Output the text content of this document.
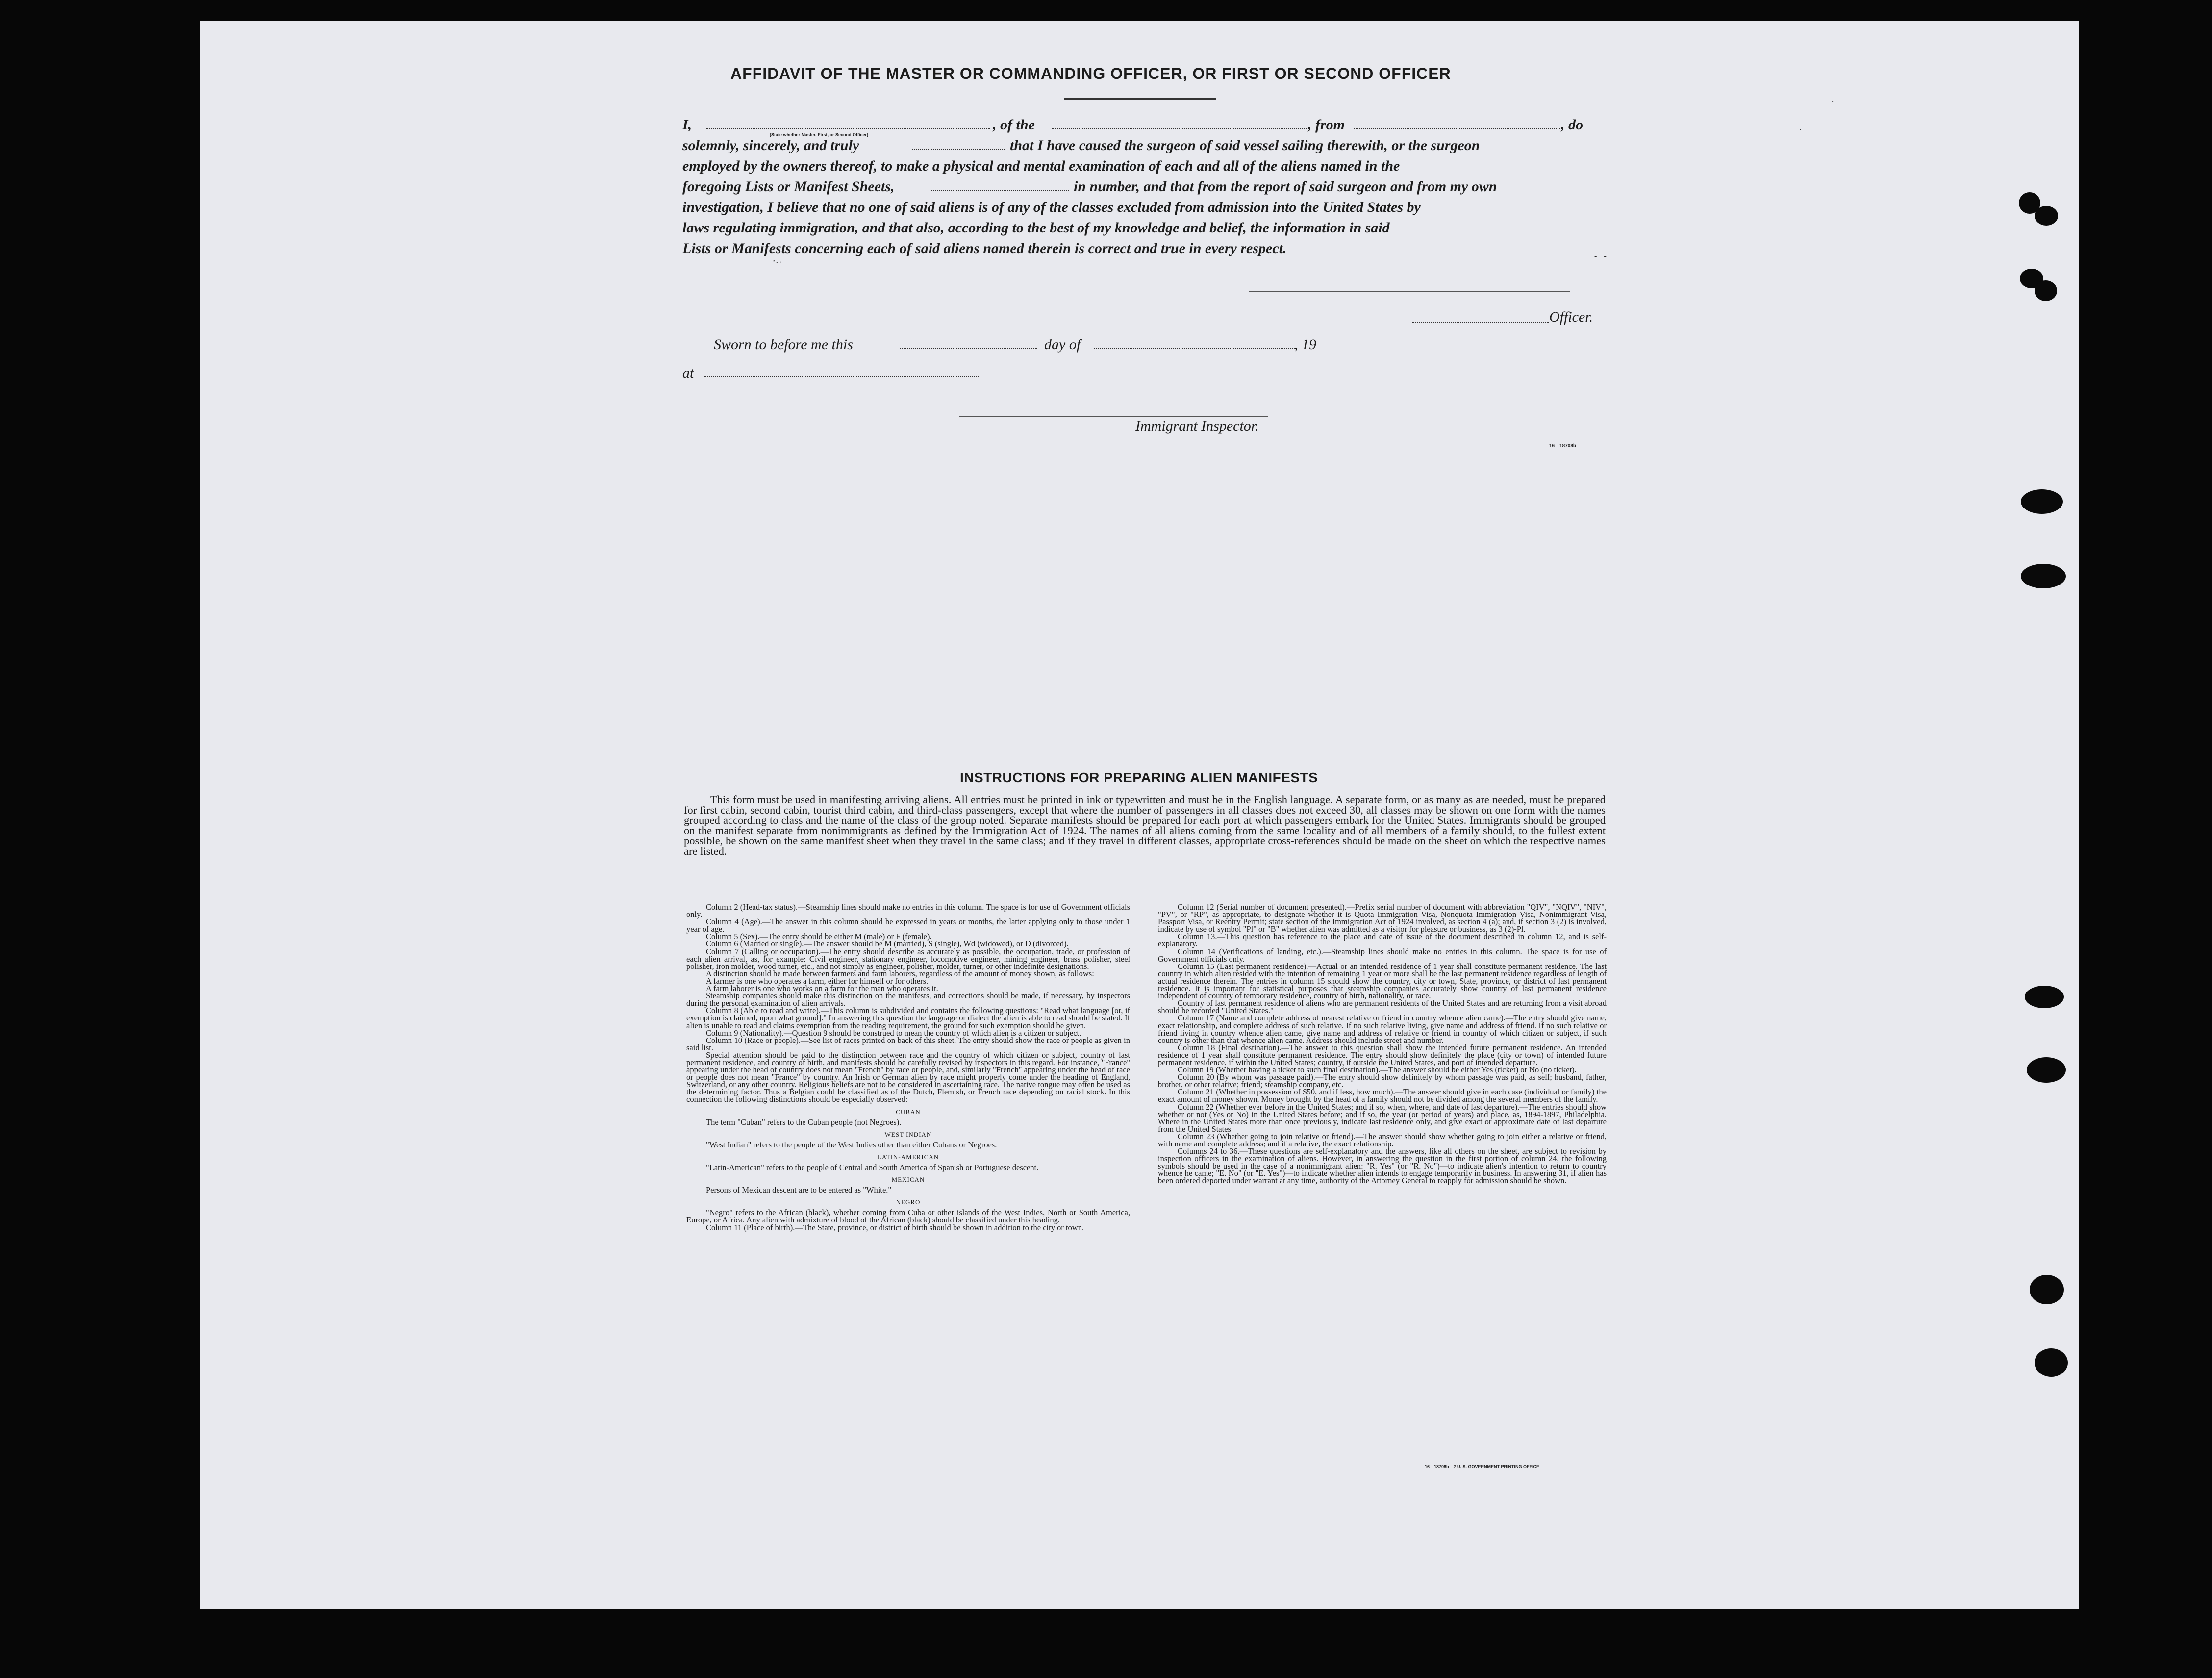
AFFIDAVIT OF THE MASTER OR COMMANDING OFFICER, OR FIRST OR SECOND OFFICER
I,
(State whether Master, First, or Second Officer)
, of the	, from	, do
solemnly, sincerely, and truly	that I have caused the surgeon of said vessel sailing therewith, or the surgeon
employed by the owners thereof, to make a physical and mental examination of each and all of the aliens named in the
foregoing Lists or Manifest Sheets,	in number, and that from the report of said surgeon and from my own
investigation, I believe that no one of said aliens is of any of the classes excluded from admission into the United States by
laws regulating immigration, and that also, according to the best of my knowledge and belief, the information in said
Lists or Manifests concerning each of said aliens named therein is correct and true in every respect.
Officer.
Sworn to before me this	day of	, 19
at
Immigrant Inspector.
16—18708b
ʼ~ˑ
- ᐨ -
ˋ
ˑ
INSTRUCTIONS FOR PREPARING ALIEN MANIFESTS

This form must be used in manifesting arriving aliens. All entries must be printed in ink or typewritten and must be in the English language. A separate form, or as many as are needed, must be prepared for first cabin, second cabin, tourist third cabin, and third-class passengers, except that where the number of passengers in all classes does not exceed 30, all classes may be shown on one form with the names grouped according to class and the name of the class of the group noted. Separate manifests should be prepared for each port at which passengers embark for the United States. Immigrants should be grouped on the manifest separate from nonimmigrants as defined by the Immigration Act of 1924. The names of all aliens coming from the same locality and of all members of a family should, to the fullest extent possible, be shown on the same manifest sheet when they travel in the same class; and if they travel in different classes, appropriate cross-references should be made on the sheet on which the respective names are listed.

Column 2 (Head-tax status).—Steamship lines should make no entries in this column. The space is for use of Government officials only.

Column 4 (Age).—The answer in this column should be expressed in years or months, the latter applying only to those under 1 year of age.

Column 5 (Sex).—The entry should be either M (male) or F (female).

Column 6 (Married or single).—The answer should be M (married), S (single), Wd (widowed), or D (divorced).

Column 7 (Calling or occupation).—The entry should describe as accurately as possible, the occupation, trade, or profession of each alien arrival, as, for example: Civil engineer, stationary engineer, locomotive engineer, mining engineer, brass polisher, steel polisher, iron molder, wood turner, etc., and not simply as engineer, polisher, molder, turner, or other indefinite designations.

A distinction should be made between farmers and farm laborers, regardless of the amount of money shown, as follows:

A farmer is one who operates a farm, either for himself or for others.

A farm laborer is one who works on a farm for the man who operates it.

Steamship companies should make this distinction on the manifests, and corrections should be made, if necessary, by inspectors during the personal examination of alien arrivals.

Column 8 (Able to read and write).—This column is subdivided and contains the following questions: "Read what language [or, if exemption is claimed, upon what ground]." In answering this question the language or dialect the alien is able to read should be stated. If alien is unable to read and claims exemption from the reading requirement, the ground for such exemption should be given.

Column 9 (Nationality).—Question 9 should be construed to mean the country of which alien is a citizen or subject.

Column 10 (Race or people).—See list of races printed on back of this sheet. The entry should show the race or people as given in said list.

Special attention should be paid to the distinction between race and the country of which citizen or subject, country of last permanent residence, and country of birth, and manifests should be carefully revised by inspectors in this regard. For instance, "France" appearing under the head of country does not mean "French" by race or people, and, similarly "French" appearing under the head of race or people does not mean "France" by country. An Irish or German alien by race might properly come under the heading of England, Switzerland, or any other country. Religious beliefs are not to be considered in ascertaining race. The native tongue may often be used as the determining factor. Thus a Belgian could be classified as of the Dutch, Flemish, or French race depending on racial stock. In this connection the following distinctions should be especially observed:

CUBAN

The term "Cuban" refers to the Cuban people (not Negroes).

WEST INDIAN

"West Indian" refers to the people of the West Indies other than either Cubans or Negroes.

LATIN-AMERICAN

"Latin-American" refers to the people of Central and South America of Spanish or Portuguese descent.

MEXICAN

Persons of Mexican descent are to be entered as "White."

NEGRO

"Negro" refers to the African (black), whether coming from Cuba or other islands of the West Indies, North or South America, Europe, or Africa. Any alien with admixture of blood of the African (black) should be classified under this heading.

Column 11 (Place of birth).—The State, province, or district of birth should be shown in addition to the city or town.

Column 12 (Serial number of document presented).—Prefix serial number of document with abbreviation "QIV", "NQIV", "NIV", "PV", or "RP", as appropriate, to designate whether it is Quota Immigration Visa, Nonquota Immigration Visa, Nonimmigrant Visa, Passport Visa, or Reentry Permit; state section of the Immigration Act of 1924 involved, as section 4 (a); and, if section 3 (2) is involved, indicate by use of symbol "Pl" or "B" whether alien was admitted as a visitor for pleasure or business, as 3 (2)-Pl.

Column 13.—This question has reference to the place and date of issue of the document described in column 12, and is self-explanatory.

Column 14 (Verifications of landing, etc.).—Steamship lines should make no entries in this column. The space is for use of Government officials only.

Column 15 (Last permanent residence).—Actual or an intended residence of 1 year shall constitute permanent residence. The last country in which alien resided with the intention of remaining 1 year or more shall be the last permanent residence regardless of length of actual residence therein. The entries in column 15 should show the country, city or town, State, province, or district of last permanent residence. It is important for statistical purposes that steamship companies accurately show country of last permanent residence independent of country of temporary residence, country of birth, nationality, or race.

Country of last permanent residence of aliens who are permanent residents of the United States and are returning from a visit abroad should be recorded "United States."

Column 17 (Name and complete address of nearest relative or friend in country whence alien came).—The entry should give name, exact relationship, and complete address of such relative. If no such relative living, give name and address of friend. If no such relative or friend living in country whence alien came, give name and address of relative or friend in country of which citizen or subject, if such country is other than that whence alien came. Address should include street and number.

Column 18 (Final destination).—The answer to this question shall show the intended future permanent residence. An intended residence of 1 year shall constitute permanent residence. The entry should show definitely the place (city or town) of intended future permanent residence, if within the United States; country, if outside the United States, and port of intended departure.

Column 19 (Whether having a ticket to such final destination).—The answer should be either Yes (ticket) or No (no ticket).

Column 20 (By whom was passage paid).—The entry should show definitely by whom passage was paid, as self; husband, father, brother, or other relative; friend; steamship company, etc.

Column 21 (Whether in possession of $50, and if less, how much).—The answer should give in each case (individual or family) the exact amount of money shown. Money brought by the head of a family should not be divided among the several members of the family.

Column 22 (Whether ever before in the United States; and if so, when, where, and date of last departure).—The entries should show whether or not (Yes or No) in the United States before; and if so, the year (or period of years) and place, as, 1894-1897, Philadelphia. Where in the United States more than once previously, indicate last residence only, and give exact or approximate date of last departure from the United States.

Column 23 (Whether going to join relative or friend).—The answer should show whether going to join either a relative or friend, with name and complete address; and if a relative, the exact relationship.

Columns 24 to 36.—These questions are self-explanatory and the answers, like all others on the sheet, are subject to revision by inspection officers in the examination of aliens. However, in answering the question in the first portion of column 24, the following symbols should be used in the case of a nonimmigrant alien: "R. Yes" (or "R. No")—to indicate alien's intention to return to country whence he came; "E. No" (or "E. Yes")—to indicate whether alien intends to engage temporarily in business. In answering 31, if alien has been ordered deported under warrant at any time, authority of the Attorney General to reapply for admission should be shown.

16—18708b—2 U. S. GOVERNMENT PRINTING OFFICE
